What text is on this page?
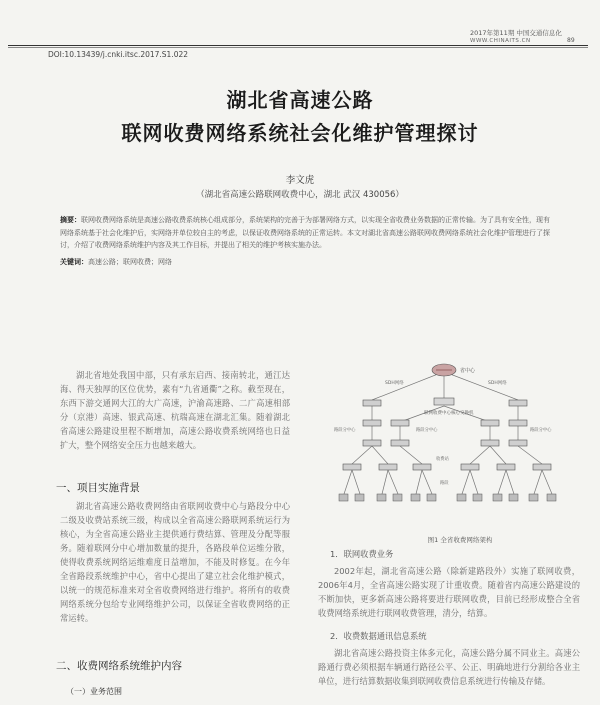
2017年第11期 中国交通信息化
WWW.CHINAITS.CN	89
DOI:10.13439/j.cnki.itsc.2017.S1.022
湖北省高速公路
联网收费网络系统社会化维护管理探讨
李文虎
（湖北省高速公路联网收费中心，湖北 武汉 430056）
摘要：联网收费网络系统是高速公路收费系统核心组成部分，系统架构的完善于为部署网络方式，以实现全省收费业务数据的正常传输。为了具有安全性，现有网络系统基于社会化维护后，实网络并单位较自主的考虑，以保证收费网络系统的正常运转。本文对湖北省高速公路联网收费网络系统社会化维护管理进行了探讨，介绍了收费网络系统维护内容及其工作目标，并提出了相关的维护考核实施办法。
关键词：高速公路；联网收费；网络
湖北省地处我国中部，只有承东启西、接南转北，通江达海、得天独厚的区位优势，素有“九省通衢”之称。截至现在，东西下游交通网大江的大广高速，沪渝高速路、二广高速相部分（京港）高速、银武高速、杭瑞高速在湖北汇集。随着湖北省高速公路建设里程不断增加，高速公路收费系统网络也日益扩大，整个网络安全压力也越来越大。
一、项目实施背景
湖北省高速公路收费网络由省联网收费中心与路段分中心二级及收费站系统三级，构成以全省高速公路联网系统运行为核心，为全省高速公路业主提供通行费结算、管理及分配等服务。随着联网分中心增加数量的提升，各路段单位运维分散，使得收费系统网络运维难度日益增加，不能及时修复。在今年全省路段系统维护中心，省中心提出了建立社会化维护模式，以统一的规范标准来对全省收费网络进行维护。将所有的收费网络系统分包给专业网络维护公司，以保证全省收费网络的正常运转。
二、收费网络系统维护内容
（一）业务范围
省中心
SDH网络	SDH网络
联网收费中心核心交换机
路段分中心	路段分中心	路段分中心
收费站
路段
图1 全省收费网络架构
1．联网收费业务
2002年起，湖北省高速公路（除新建路段外）实施了联网收费，2006年4月，全省高速公路实现了计重收费。随着省内高速公路建设的不断加快，更多新高速公路将要进行联网收费，目前已经形成整合全省收费网络系统进行联网收费管理，清分，结算。
2．收费数据通讯信息系统
湖北省高速公路投资主体多元化，高速公路分属不同业主。高速公路通行费必须根据车辆通行路径公平、公正、明确地进行分割给各业主单位，进行结算数据收集到联网收费信息系统进行传输及存储。
